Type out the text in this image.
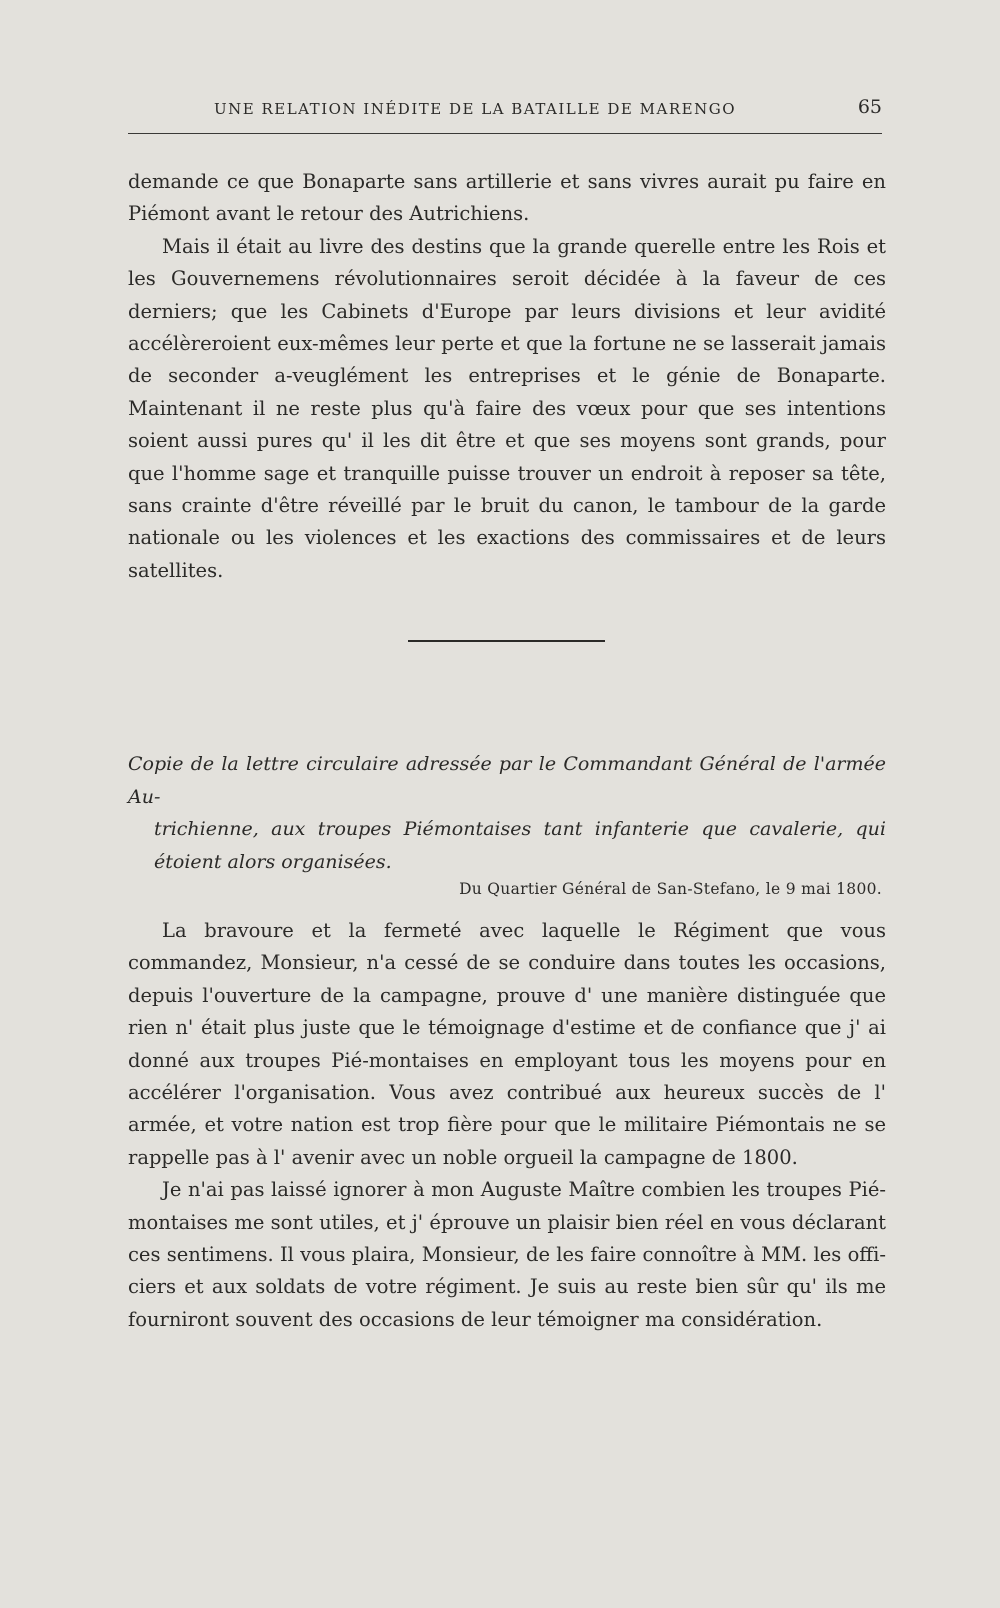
UNE RELATION INÉDITE DE LA BATAILLE DE MARENGO	65

demande ce que Bonaparte sans artillerie et sans vivres aurait pu faire en Piémont avant le retour des Autrichiens.

Mais il était au livre des destins que la grande querelle entre les Rois et les Gouvernemens révolutionnaires seroit décidée à la faveur de ces derniers; que les Cabinets d'Europe par leurs divisions et leur avidité accélèreroient eux-mêmes leur perte et que la fortune ne se lasserait jamais de seconder a-veuglément les entreprises et le génie de Bonaparte. Maintenant il ne reste plus qu'à faire des vœux pour que ses intentions soient aussi pures qu' il les dit être et que ses moyens sont grands, pour que l'homme sage et tranquille puisse trouver un endroit à reposer sa tête, sans crainte d'être réveillé par le bruit du canon, le tambour de la garde nationale ou les violences et les exactions des commissaires et de leurs satellites.

Copie de la lettre circulaire adressée par le Commandant Général de l'armée Au-
trichienne, aux troupes Piémontaises tant infanterie que cavalerie, qui étoient alors organisées.
Du Quartier Général de San-Stefano, le 9 mai 1800.

La bravoure et la fermeté avec laquelle le Régiment que vous commandez, Monsieur, n'a cessé de se conduire dans toutes les occasions, depuis l'ouverture de la campagne, prouve d' une manière distinguée que rien n' était plus juste que le témoignage d'estime et de confiance que j' ai donné aux troupes Pié-montaises en employant tous les moyens pour en accélérer l'organisation. Vous avez contribué aux heureux succès de l' armée, et votre nation est trop fière pour que le militaire Piémontais ne se rappelle pas à l' avenir avec un noble orgueil la campagne de 1800.

Je n'ai pas laissé ignorer à mon Auguste Maître combien les troupes Pié-montaises me sont utiles, et j' éprouve un plaisir bien réel en vous déclarant ces sentimens. Il vous plaira, Monsieur, de les faire connoître à MM. les offi-ciers et aux soldats de votre régiment. Je suis au reste bien sûr qu' ils me fourniront souvent des occasions de leur témoigner ma considération.
